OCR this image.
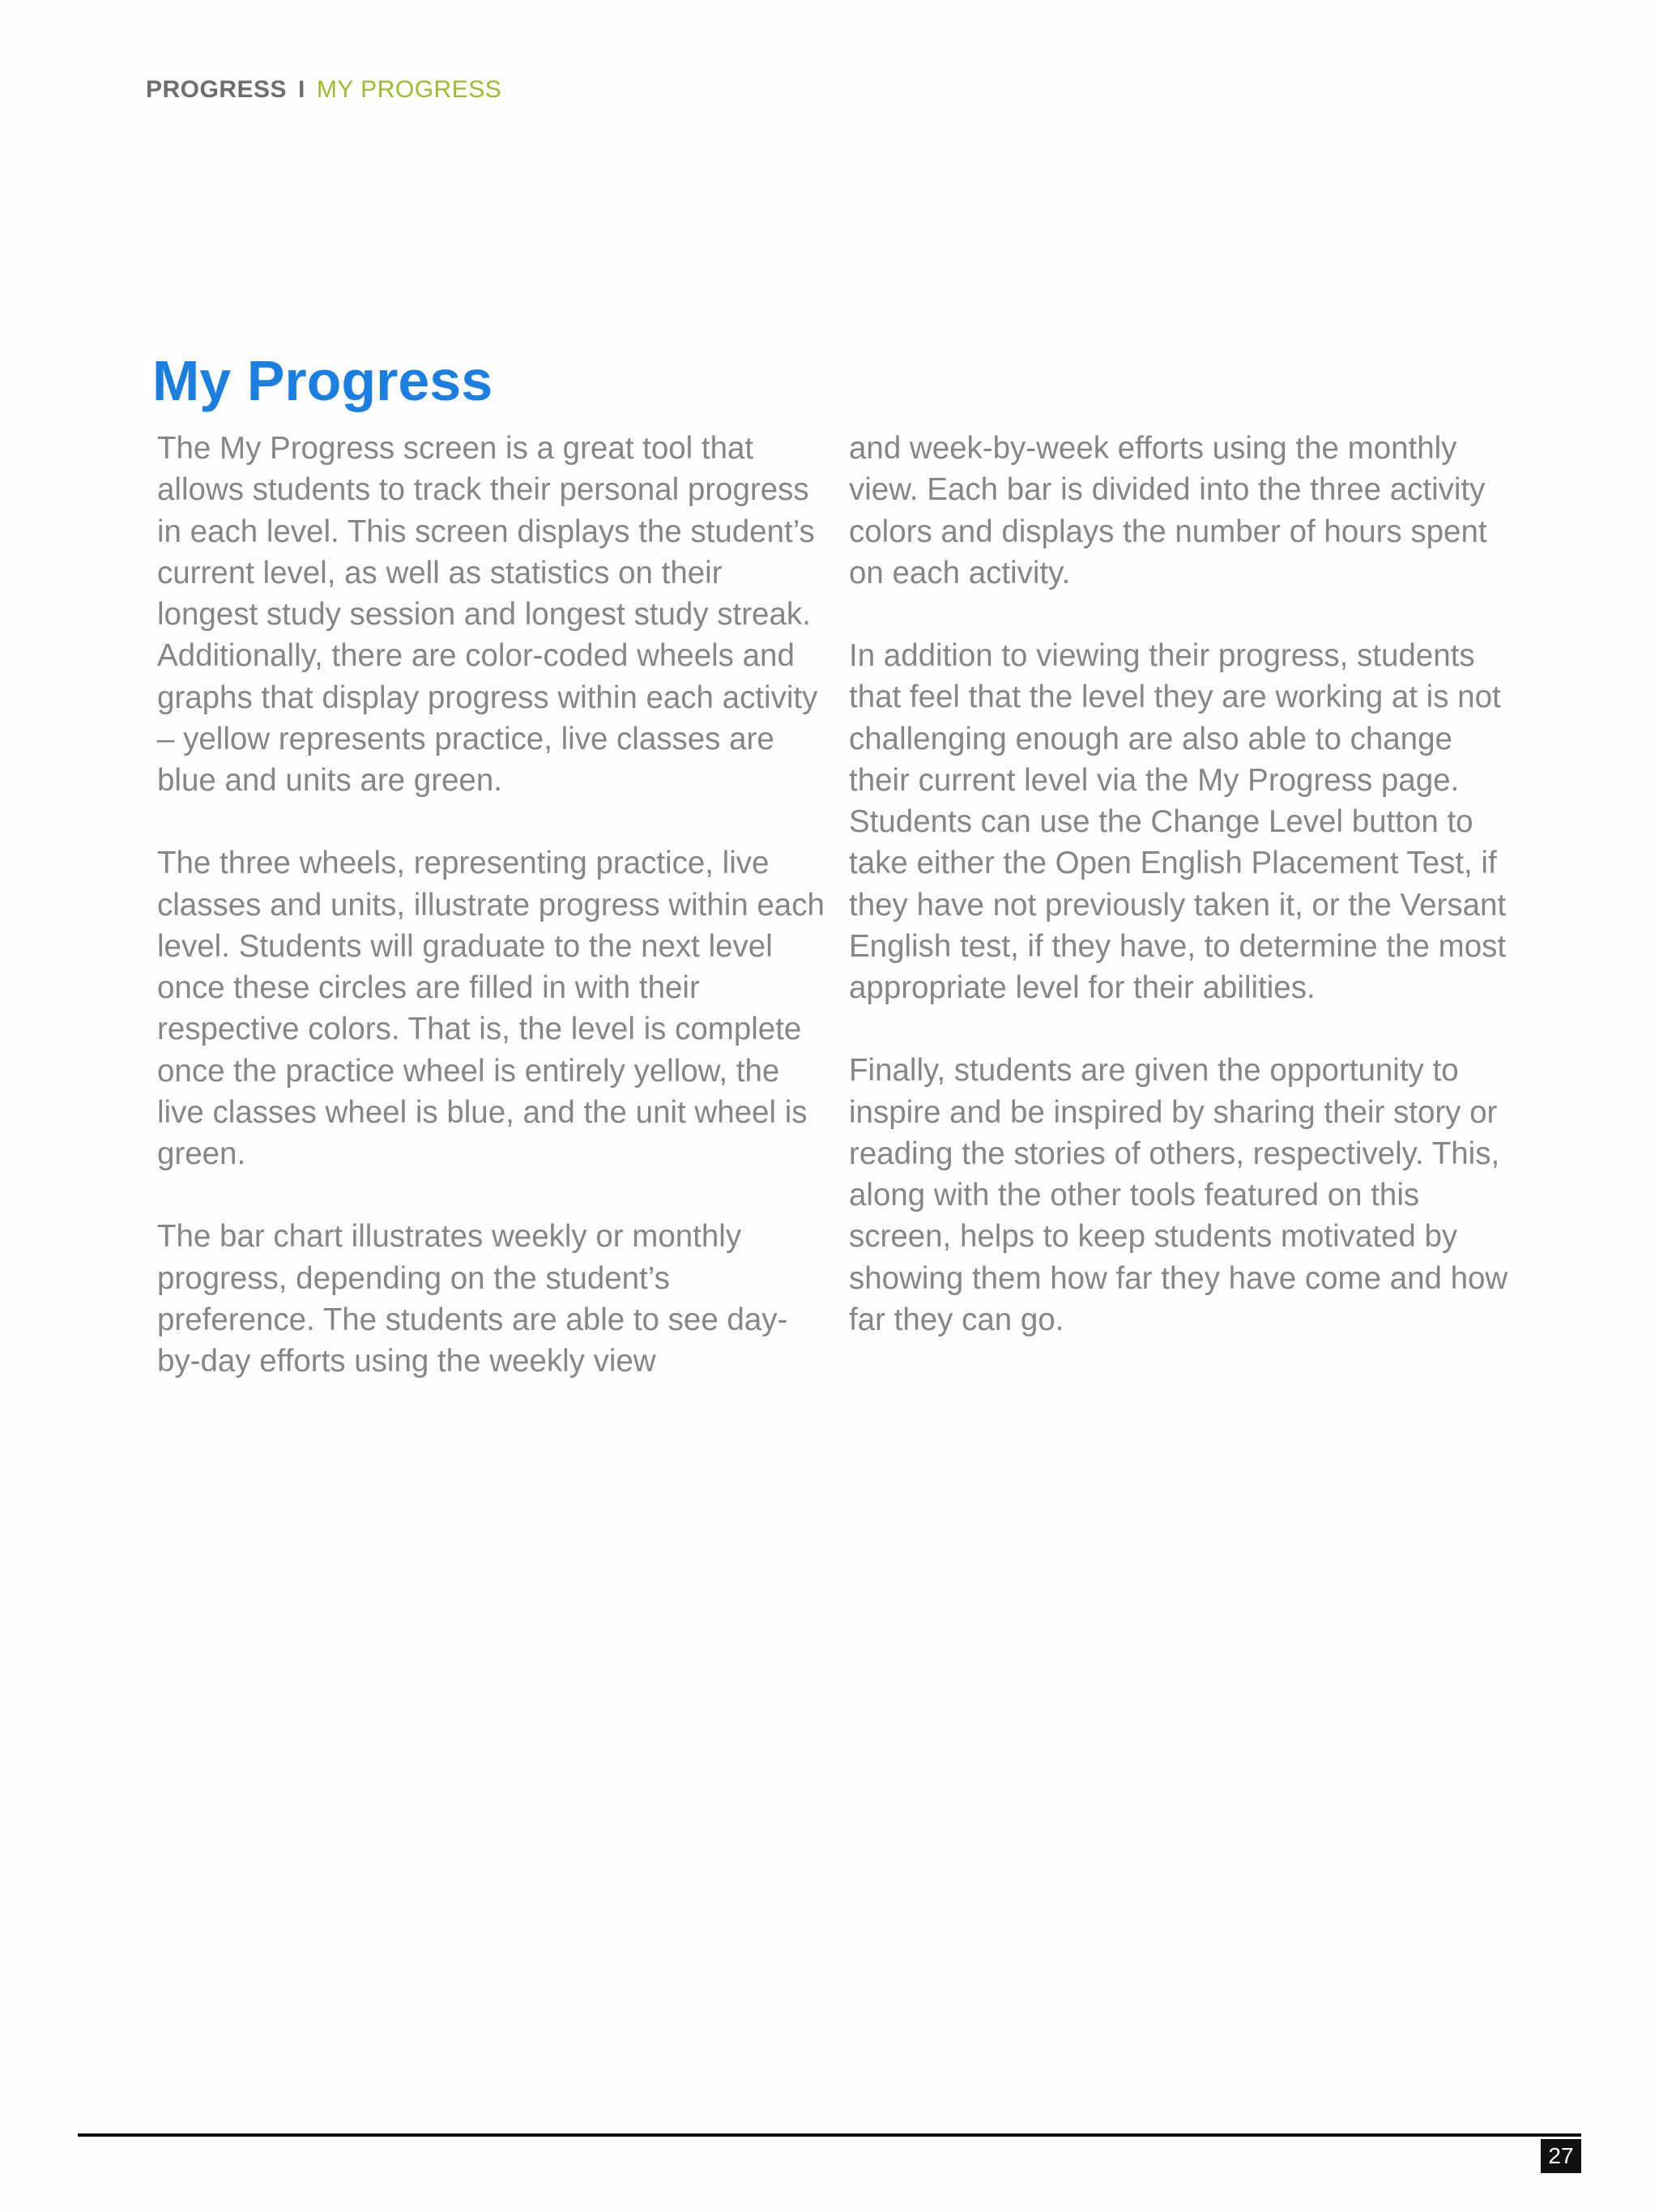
PROGRESS I MY PROGRESS
My Progress

The My Progress screen is a great tool that allows students to track their personal progress in each level. This screen displays the student’s current level, as well as statistics on their longest study session and longest study streak. Additionally, there are color-coded wheels and graphs that display progress within each activity – yellow represents practice, live classes are blue and units are green.

The three wheels, representing practice, live classes and units, illustrate progress within each level. Students will graduate to the next level once these circles are filled in with their respective colors. That is, the level is complete once the practice wheel is entirely yellow, the live classes wheel is blue, and the unit wheel is green.

The bar chart illustrates weekly or monthly progress, depending on the student’s preference. The students are able to see day-by-day efforts using the weekly view

and week-by-week efforts using the monthly view. Each bar is divided into the three activity colors and displays the number of hours spent on each activity.

In addition to viewing their progress, students that feel that the level they are working at is not challenging enough are also able to change their current level via the My Progress page. Students can use the Change Level button to take either the Open English Placement Test, if they have not previously taken it, or the Versant English test, if they have, to determine the most appropriate level for their abilities.

Finally, students are given the opportunity to inspire and be inspired by sharing their story or reading the stories of others, respectively. This, along with the other tools featured on this screen, helps to keep students motivated by showing them how far they have come and how far they can go.

27
